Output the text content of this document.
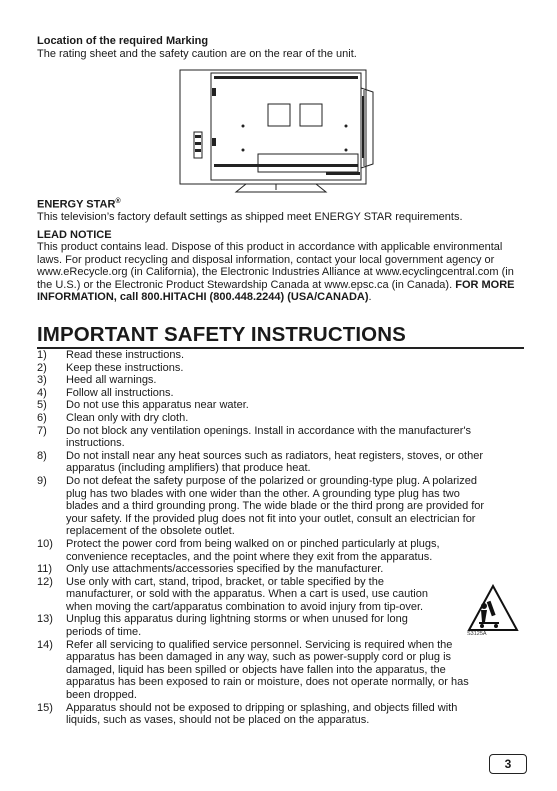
Location of the required Marking
The rating sheet and the safety caution are on the rear of the unit.
ENERGY STAR®
This television’s factory default settings as shipped meet ENERGY STAR requirements.
LEAD NOTICE
This product contains lead. Dispose of this product in accordance with applicable environmental laws. For product recycling and disposal information, contact your local government agency or www.eRecycle.org (in California), the Electronic Industries Alliance at www.ecyclingcentral.com (in the U.S.) or the Electronic Product Stewardship Canada at www.epsc.ca (in Canada). FOR MORE INFORMATION, call 800.HITACHI (800.448.2244) (USA/CANADA).
IMPORTANT SAFETY INSTRUCTIONS
1)	Read these instructions.
2)	Keep these instructions.
3)	Heed all warnings.
4)	Follow all instructions.
5)	Do not use this apparatus near water.
6)	Clean only with dry cloth.
7)	Do not block any ventilation openings. Install in accordance with the manufacturer's
instructions.
8)	Do not install near any heat sources such as radiators, heat registers, stoves, or other
apparatus (including amplifiers) that produce heat.
9)	Do not defeat the safety purpose of the polarized or grounding-type plug. A polarized
plug has two blades with one wider than the other. A grounding type plug has two
blades and a third grounding prong. The wide blade or the third prong are provided for
your safety. If the provided plug does not fit into your outlet, consult an electrician for
replacement of the obsolete outlet.
10)	Protect the power cord from being walked on or pinched particularly at plugs,
convenience receptacles, and the point where they exit from the apparatus.
11)	Only use attachments/accessories specified by the manufacturer.
12)	Use only with cart, stand, tripod, bracket, or table specified by the
manufacturer, or sold with the apparatus. When a cart is used, use caution
when moving the cart/apparatus combination to avoid injury from tip-over.
13)	Unplug this apparatus during lightning storms or when unused for long
periods of time.
14)	Refer all servicing to qualified service personnel. Servicing is required when the
apparatus has been damaged in any way, such as power-supply cord or plug is
damaged, liquid has been spilled or objects have fallen into the apparatus, the
apparatus has been exposed to rain or moisture, does not operate normally, or has
been dropped.
15)	Apparatus should not be exposed to dripping or splashing, and objects filled with
liquids, such as vases, should not be placed on the apparatus.
S3125A
3
